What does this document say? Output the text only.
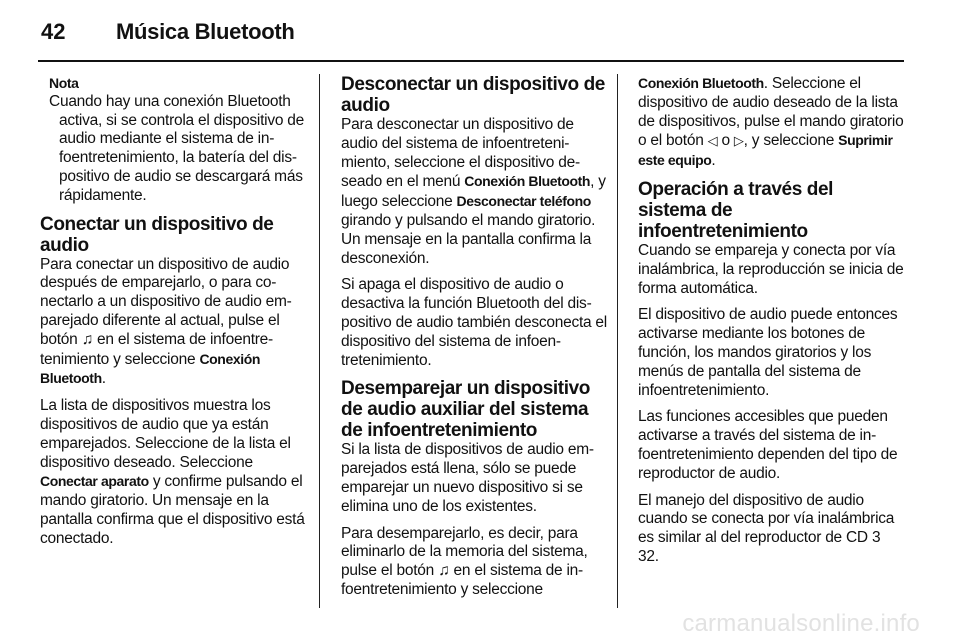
42	Música Bluetooth
Nota
Cuando hay una conexión Bluetooth activa, si se controla el dispositivo de audio mediante el sistema de infoentretenimiento, la batería del dispositivo de audio se descargará más rápidamente.
Conectar un dispositivo de audio

Para conectar un dispositivo de audio después de emparejarlo, o para conectarlo a un dispositivo de audio emparejado diferente al actual, pulse el botón ♫ en el sistema de infoentretenimiento y seleccione Conexión Bluetooth.

La lista de dispositivos muestra los dispositivos de audio que ya están emparejados. Seleccione de la lista el dispositivo deseado. Seleccione Conectar aparato y confirme pulsando el mando giratorio. Un mensaje en la pantalla confirma que el dispositivo está conectado.

Desconectar un dispositivo de audio

Para desconectar un dispositivo de audio del sistema de infoentretenimiento, seleccione el dispositivo deseado en el menú Conexión Bluetooth, y luego seleccione Desconectar teléfono girando y pulsando el mando giratorio. Un mensaje en la pantalla confirma la desconexión.

Si apaga el dispositivo de audio o desactiva la función Bluetooth del dispositivo de audio también desconecta el dispositivo del sistema de infoentretenimiento.

Desemparejar un dispositivo de audio auxiliar del sistema de infoentretenimiento

Si la lista de dispositivos de audio emparejados está llena, sólo se puede emparejar un nuevo dispositivo si se elimina uno de los existentes.

Para desemparejarlo, es decir, para eliminarlo de la memoria del sistema, pulse el botón ♫ en el sistema de infoentretenimiento y seleccione

Conexión Bluetooth. Seleccione el dispositivo de audio deseado de la lista de dispositivos, pulse el mando giratorio o el botón ◁ o ▷, y seleccione Suprimir este equipo.

Operación a través del sistema de infoentretenimiento

Cuando se empareja y conecta por vía inalámbrica, la reproducción se inicia de forma automática.

El dispositivo de audio puede entonces activarse mediante los botones de función, los mandos giratorios y los menús de pantalla del sistema de infoentretenimiento.

Las funciones accesibles que pueden activarse a través del sistema de infoentretenimiento dependen del tipo de reproductor de audio.

El manejo del dispositivo de audio cuando se conecta por vía inalámbrica es similar al del reproductor de CD 3 32.

carmanualsonline.info
